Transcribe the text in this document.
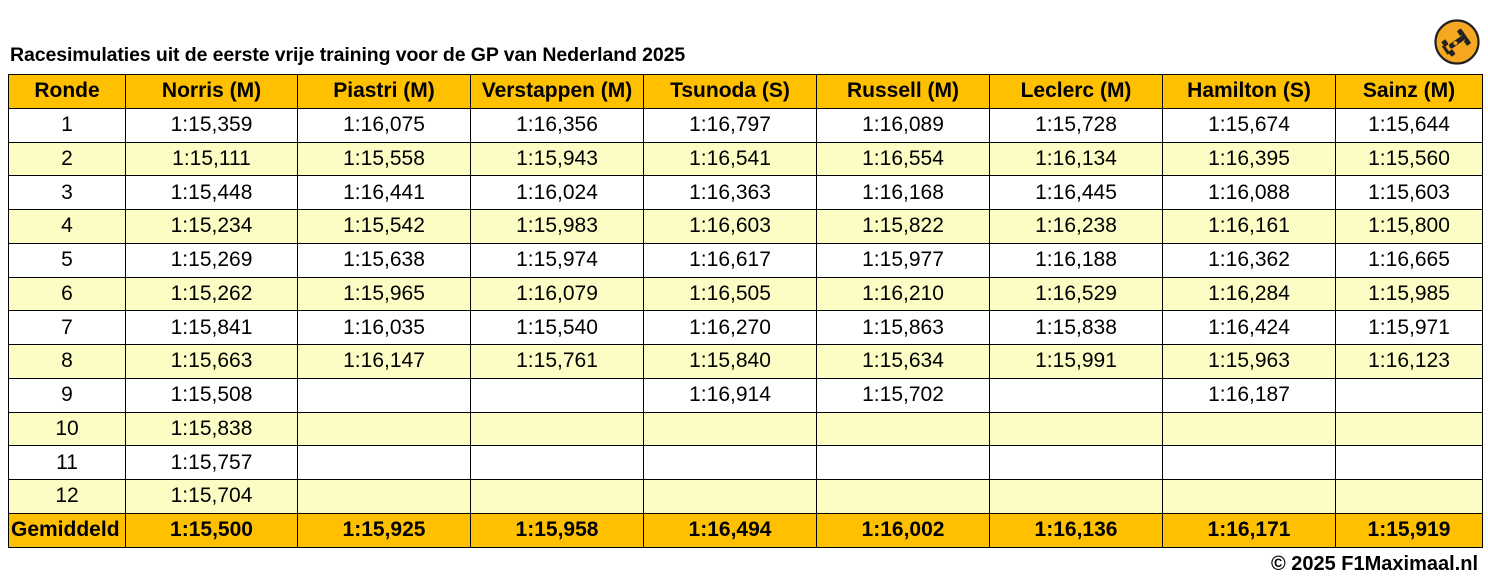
Racesimulaties uit de eerste vrije training voor de GP van Nederland 2025
Ronde	Norris (M)	Piastri (M)	Verstappen (M)	Tsunoda (S)	Russell (M)	Leclerc (M)	Hamilton (S)	Sainz (M)
1	1:15,359	1:16,075	1:16,356	1:16,797	1:16,089	1:15,728	1:15,674	1:15,644
2	1:15,111	1:15,558	1:15,943	1:16,541	1:16,554	1:16,134	1:16,395	1:15,560
3	1:15,448	1:16,441	1:16,024	1:16,363	1:16,168	1:16,445	1:16,088	1:15,603
4	1:15,234	1:15,542	1:15,983	1:16,603	1:15,822	1:16,238	1:16,161	1:15,800
5	1:15,269	1:15,638	1:15,974	1:16,617	1:15,977	1:16,188	1:16,362	1:16,665
6	1:15,262	1:15,965	1:16,079	1:16,505	1:16,210	1:16,529	1:16,284	1:15,985
7	1:15,841	1:16,035	1:15,540	1:16,270	1:15,863	1:15,838	1:16,424	1:15,971
8	1:15,663	1:16,147	1:15,761	1:15,840	1:15,634	1:15,991	1:15,963	1:16,123
9	1:15,508			1:16,914	1:15,702		1:16,187	
10	1:15,838							
11	1:15,757							
12	1:15,704							
Gemiddeld	1:15,500	1:15,925	1:15,958	1:16,494	1:16,002	1:16,136	1:16,171	1:15,919
© 2025 F1Maximaal.nl
